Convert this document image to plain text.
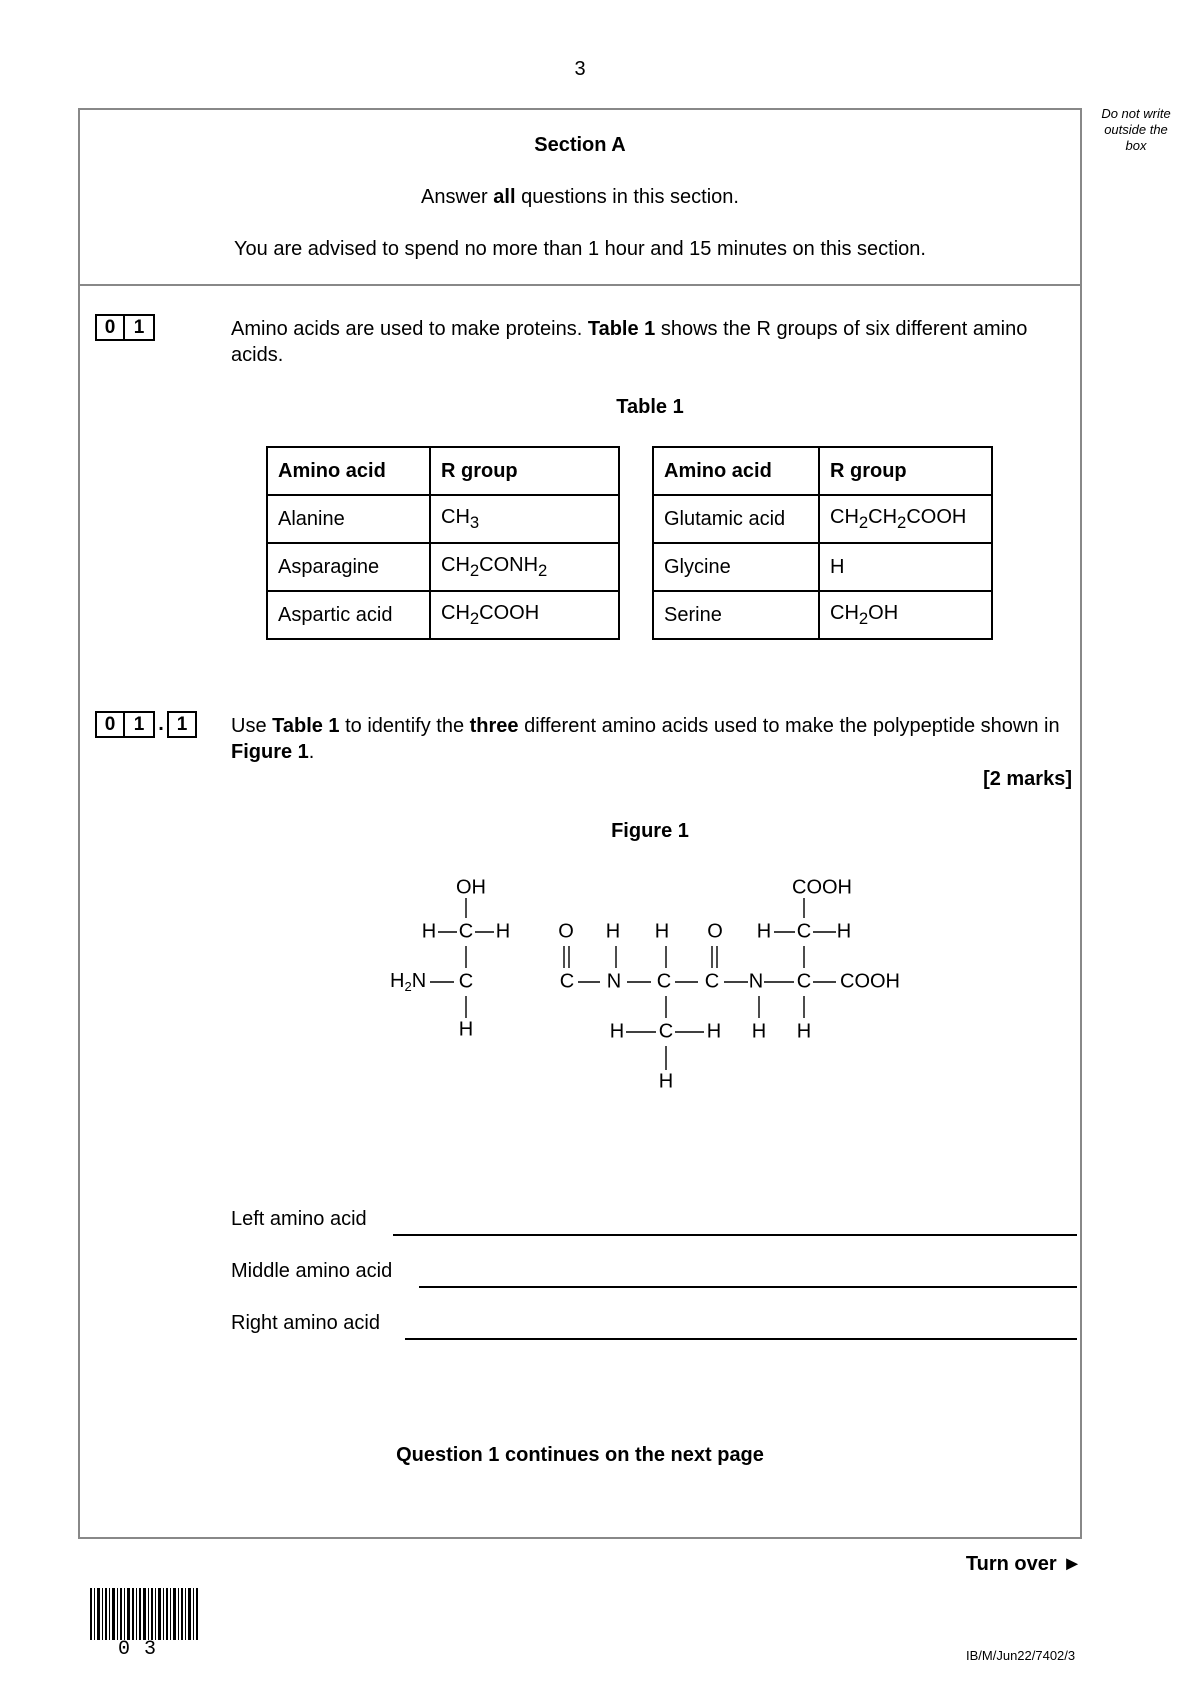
3
Do not write outside the box
Section A
Answer all questions in this section.
You are advised to spend no more than 1 hour and 15 minutes on this section.
0 1	Amino acids are used to make proteins. Table 1 shows the R groups of six different amino acids.
Table 1
Amino acid	R group
Alanine	$CH_3$
Asparagine	$CH_2CONH_2$
Aspartic acid	$CH_2COOH$
Amino acid	R group
Glutamic acid	$CH_2CH_2COOH$
Glycine	H
Serine	$CH_2OH$
0 1 . 1	Use Table 1 to identify the three different amino acids used to make the polypeptide shown in Figure 1.
[2 marks]
Figure 1
OH
H C H
$H_2N$ C
H
O H H O
C N C C N
H C H H
H
COOH
H C H
C COOH
H
Left amino acid
Middle amino acid
Right amino acid
Question 1 continues on the next page
Turn over ►
03	IB/M/Jun22/7402/3
